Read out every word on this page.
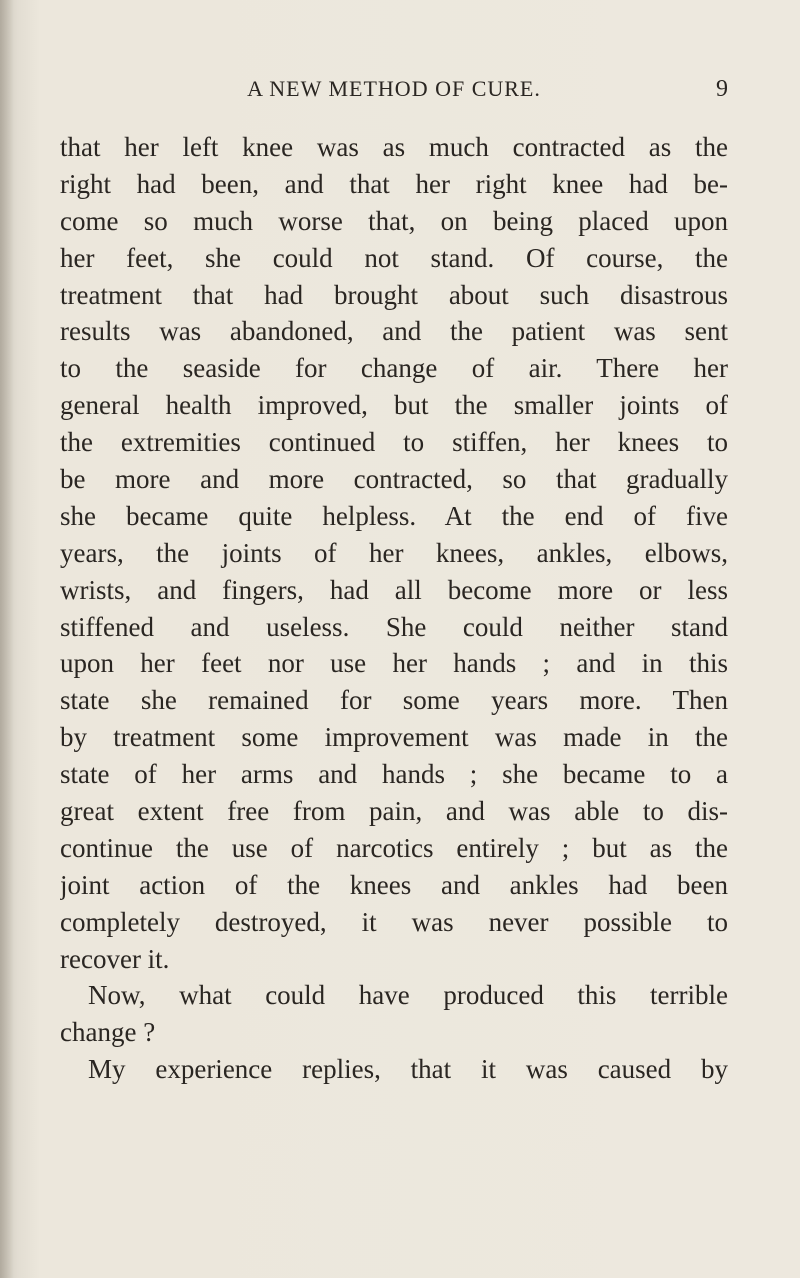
A NEW METHOD OF CURE.	9
that her left knee was as much contracted as the
right had been, and that her right knee had be-
come so much worse that, on being placed upon
her feet, she could not stand. Of course, the
treatment that had brought about such disastrous
results was abandoned, and the patient was sent
to the seaside for change of air. There her
general health improved, but the smaller joints of
the extremities continued to stiffen, her knees to
be more and more contracted, so that gradually
she became quite helpless. At the end of five
years, the joints of her knees, ankles, elbows,
wrists, and fingers, had all become more or less
stiffened and useless. She could neither stand
upon her feet nor use her hands ; and in this
state she remained for some years more. Then
by treatment some improvement was made in the
state of her arms and hands ; she became to a
great extent free from pain, and was able to dis-
continue the use of narcotics entirely ; but as the
joint action of the knees and ankles had been
completely destroyed, it was never possible to
recover it.
Now, what could have produced this terrible
change ?
My experience replies, that it was caused by
